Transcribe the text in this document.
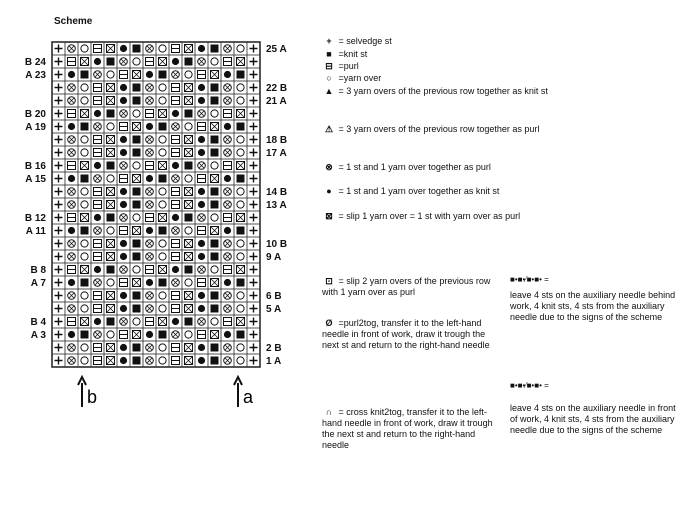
Scheme
+ = selvedge st
■ =knit st
⊟ =purl
○ =yarn over
▲ = 3 yarn overs of the previous row together as knit st
⚠ = 3 yarn overs of the previous row together as purl
⊗ = 1 st and 1 yarn over together as purl
● = 1 st and 1 yarn over together as knit st
⊠ = slip 1 yarn over = 1 st with yarn over as purl
⊡ = slip 2 yarn overs of the previous row with 1 yarn over as purl
Ø =purl2tog, transfer it to the left-hand needle in front of work, draw it trough the next st and return to the right-hand needle
∩ = cross knit2tog, transfer it to the left-hand needle in front of work, draw it trough the next st and return to the right-hand needle
■•■•⁄■•■• =
leave 4 sts on the auxiliary needle behind work, 4 knit sts, 4 sts from the auxiliary needle due to the signs of the scheme
■•■•⁄■•■• =
leave 4 sts on the auxiliary needle in front of work, 4 knit sts, 4 sts from the auxiliary needle due to the signs of the scheme
B 24
A 23
B 20
A 19
B 16
A 15
B 12
A 11
B 8
A 7
B 4
A 3
25 A
22 B
21 A
18 B
17 A
14 B
13 A
10 B
9 A
6 B
5 A
2 B
1 A
b	a
